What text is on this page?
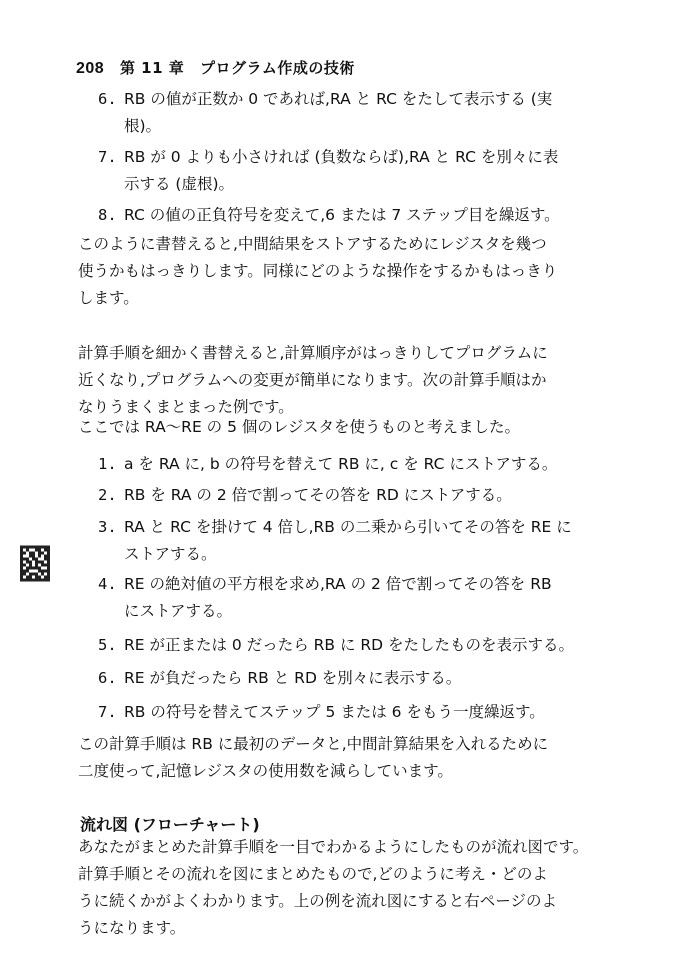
208 第 11 章 プログラム作成の技術
6. RB の値が正数か 0 であれば,RA と RC をたして表示する (実
根)。
7. RB が 0 よりも小さければ (負数ならば),RA と RC を別々に表
示する (虚根)。
8. RC の値の正負符号を変えて,6 または 7 ステップ目を繰返す。
このように書替えると,中間結果をストアするためにレジスタを幾つ
使うかもはっきりします。同様にどのような操作をするかもはっきり
します。
計算手順を細かく書替えると,計算順序がはっきりしてプログラムに
近くなり,プログラムへの変更が簡単になります。次の計算手順はか
なりうまくまとまった例です。
ここでは RA〜RE の 5 個のレジスタを使うものと考えました。
1. a を RA に, b の符号を替えて RB に, c を RC にストアする。
2. RB を RA の 2 倍で割ってその答を RD にストアする。
3. RA と RC を掛けて 4 倍し,RB の二乗から引いてその答を RE に
ストアする。
4. RE の絶対値の平方根を求め,RA の 2 倍で割ってその答を RB
にストアする。
5. RE が正または 0 だったら RB に RD をたしたものを表示する。
6. RE が負だったら RB と RD を別々に表示する。
7. RB の符号を替えてステップ 5 または 6 をもう一度繰返す。
この計算手順は RB に最初のデータと,中間計算結果を入れるために
二度使って,記憶レジスタの使用数を減らしています。
流れ図 (フローチャート)
あなたがまとめた計算手順を一目でわかるようにしたものが流れ図です。
計算手順とその流れを図にまとめたもので,どのように考え・どのよ
うに続くかがよくわかります。上の例を流れ図にすると右ページのよ
うになります。
